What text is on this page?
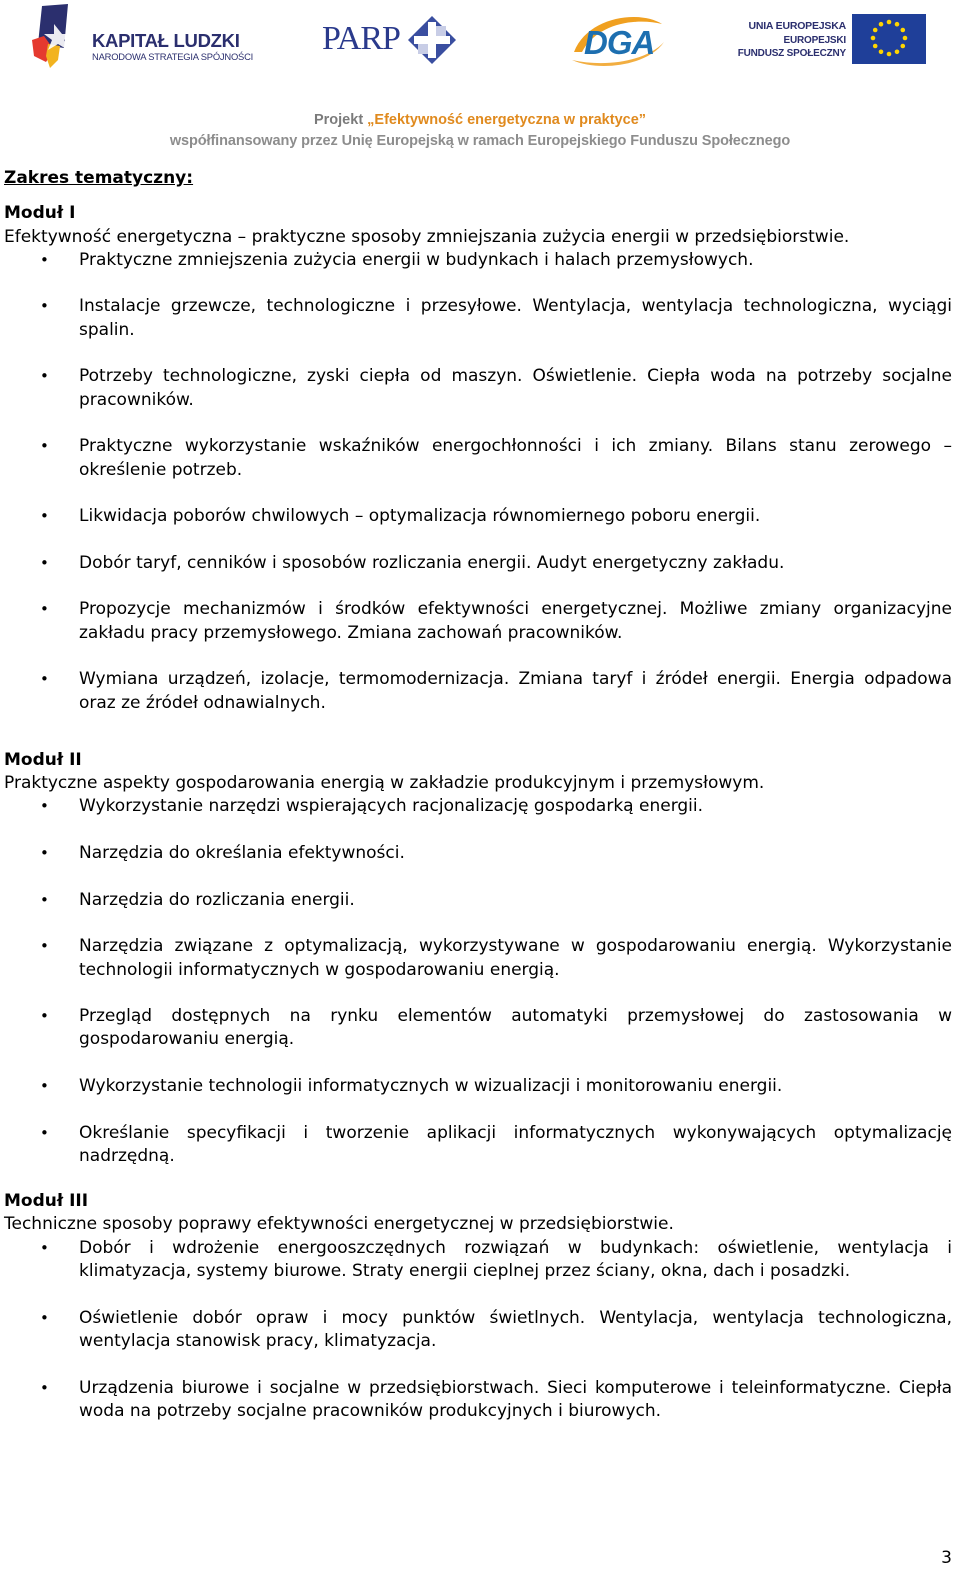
KAPITAŁ LUDZKI
NARODOWA STRATEGIA SPÓJNOŚCI PARP	DGA	UNIA EUROPEJSKA
EUROPEJSKI
FUNDUSZ SPOŁECZNY
Projekt „Efektywność energetyczna w praktyce”
współfinansowany przez Unię Europejską w ramach Europejskiego Funduszu Społecznego

Zakres tematyczny:

Moduł I

Efektywność energetyczna – praktyczne sposoby zmniejszania zużycia energii w przedsiębiorstwie.

• Praktyczne zmniejszenia zużycia energii w budynkach i halach przemysłowych.
• Instalacje grzewcze, technologiczne i przesyłowe. Wentylacja, wentylacja technologiczna, wyciągi spalin.
• Potrzeby technologiczne, zyski ciepła od maszyn. Oświetlenie. Ciepła woda na potrzeby socjalne pracowników.
• Praktyczne wykorzystanie wskaźników energochłonności i ich zmiany. Bilans stanu zerowego – określenie potrzeb.
• Likwidacja poborów chwilowych – optymalizacja równomiernego poboru energii.
• Dobór taryf, cenników i sposobów rozliczania energii. Audyt energetyczny zakładu.
• Propozycje mechanizmów i środków efektywności energetycznej. Możliwe zmiany organizacyjne zakładu pracy przemysłowego. Zmiana zachowań pracowników.
• Wymiana urządzeń, izolacje, termomodernizacja. Zmiana taryf i źródeł energii. Energia odpadowa oraz ze źródeł odnawialnych.

Moduł II

Praktyczne aspekty gospodarowania energią w zakładzie produkcyjnym i przemysłowym.

• Wykorzystanie narzędzi wspierających racjonalizację gospodarką energii.
• Narzędzia do określania efektywności.
• Narzędzia do rozliczania energii.
• Narzędzia związane z optymalizacją, wykorzystywane w gospodarowaniu energią. Wykorzystanie technologii informatycznych w gospodarowaniu energią.
• Przegląd dostępnych na rynku elementów automatyki przemysłowej do zastosowania w gospodarowaniu energią.
• Wykorzystanie technologii informatycznych w wizualizacji i monitorowaniu energii.
• Określanie specyfikacji i tworzenie aplikacji informatycznych wykonywających optymalizację nadrzędną.

Moduł III

Techniczne sposoby poprawy efektywności energetycznej w przedsiębiorstwie.

• Dobór i wdrożenie energooszczędnych rozwiązań w budynkach: oświetlenie, wentylacja i klimatyzacja, systemy biurowe. Straty energii cieplnej przez ściany, okna, dach i posadzki.
• Oświetlenie dobór opraw i mocy punktów świetlnych. Wentylacja, wentylacja technologiczna, wentylacja stanowisk pracy, klimatyzacja.
• Urządzenia biurowe i socjalne w przedsiębiorstwach. Sieci komputerowe i teleinformatyczne. Ciepła woda na potrzeby socjalne pracowników produkcyjnych i biurowych.
3
